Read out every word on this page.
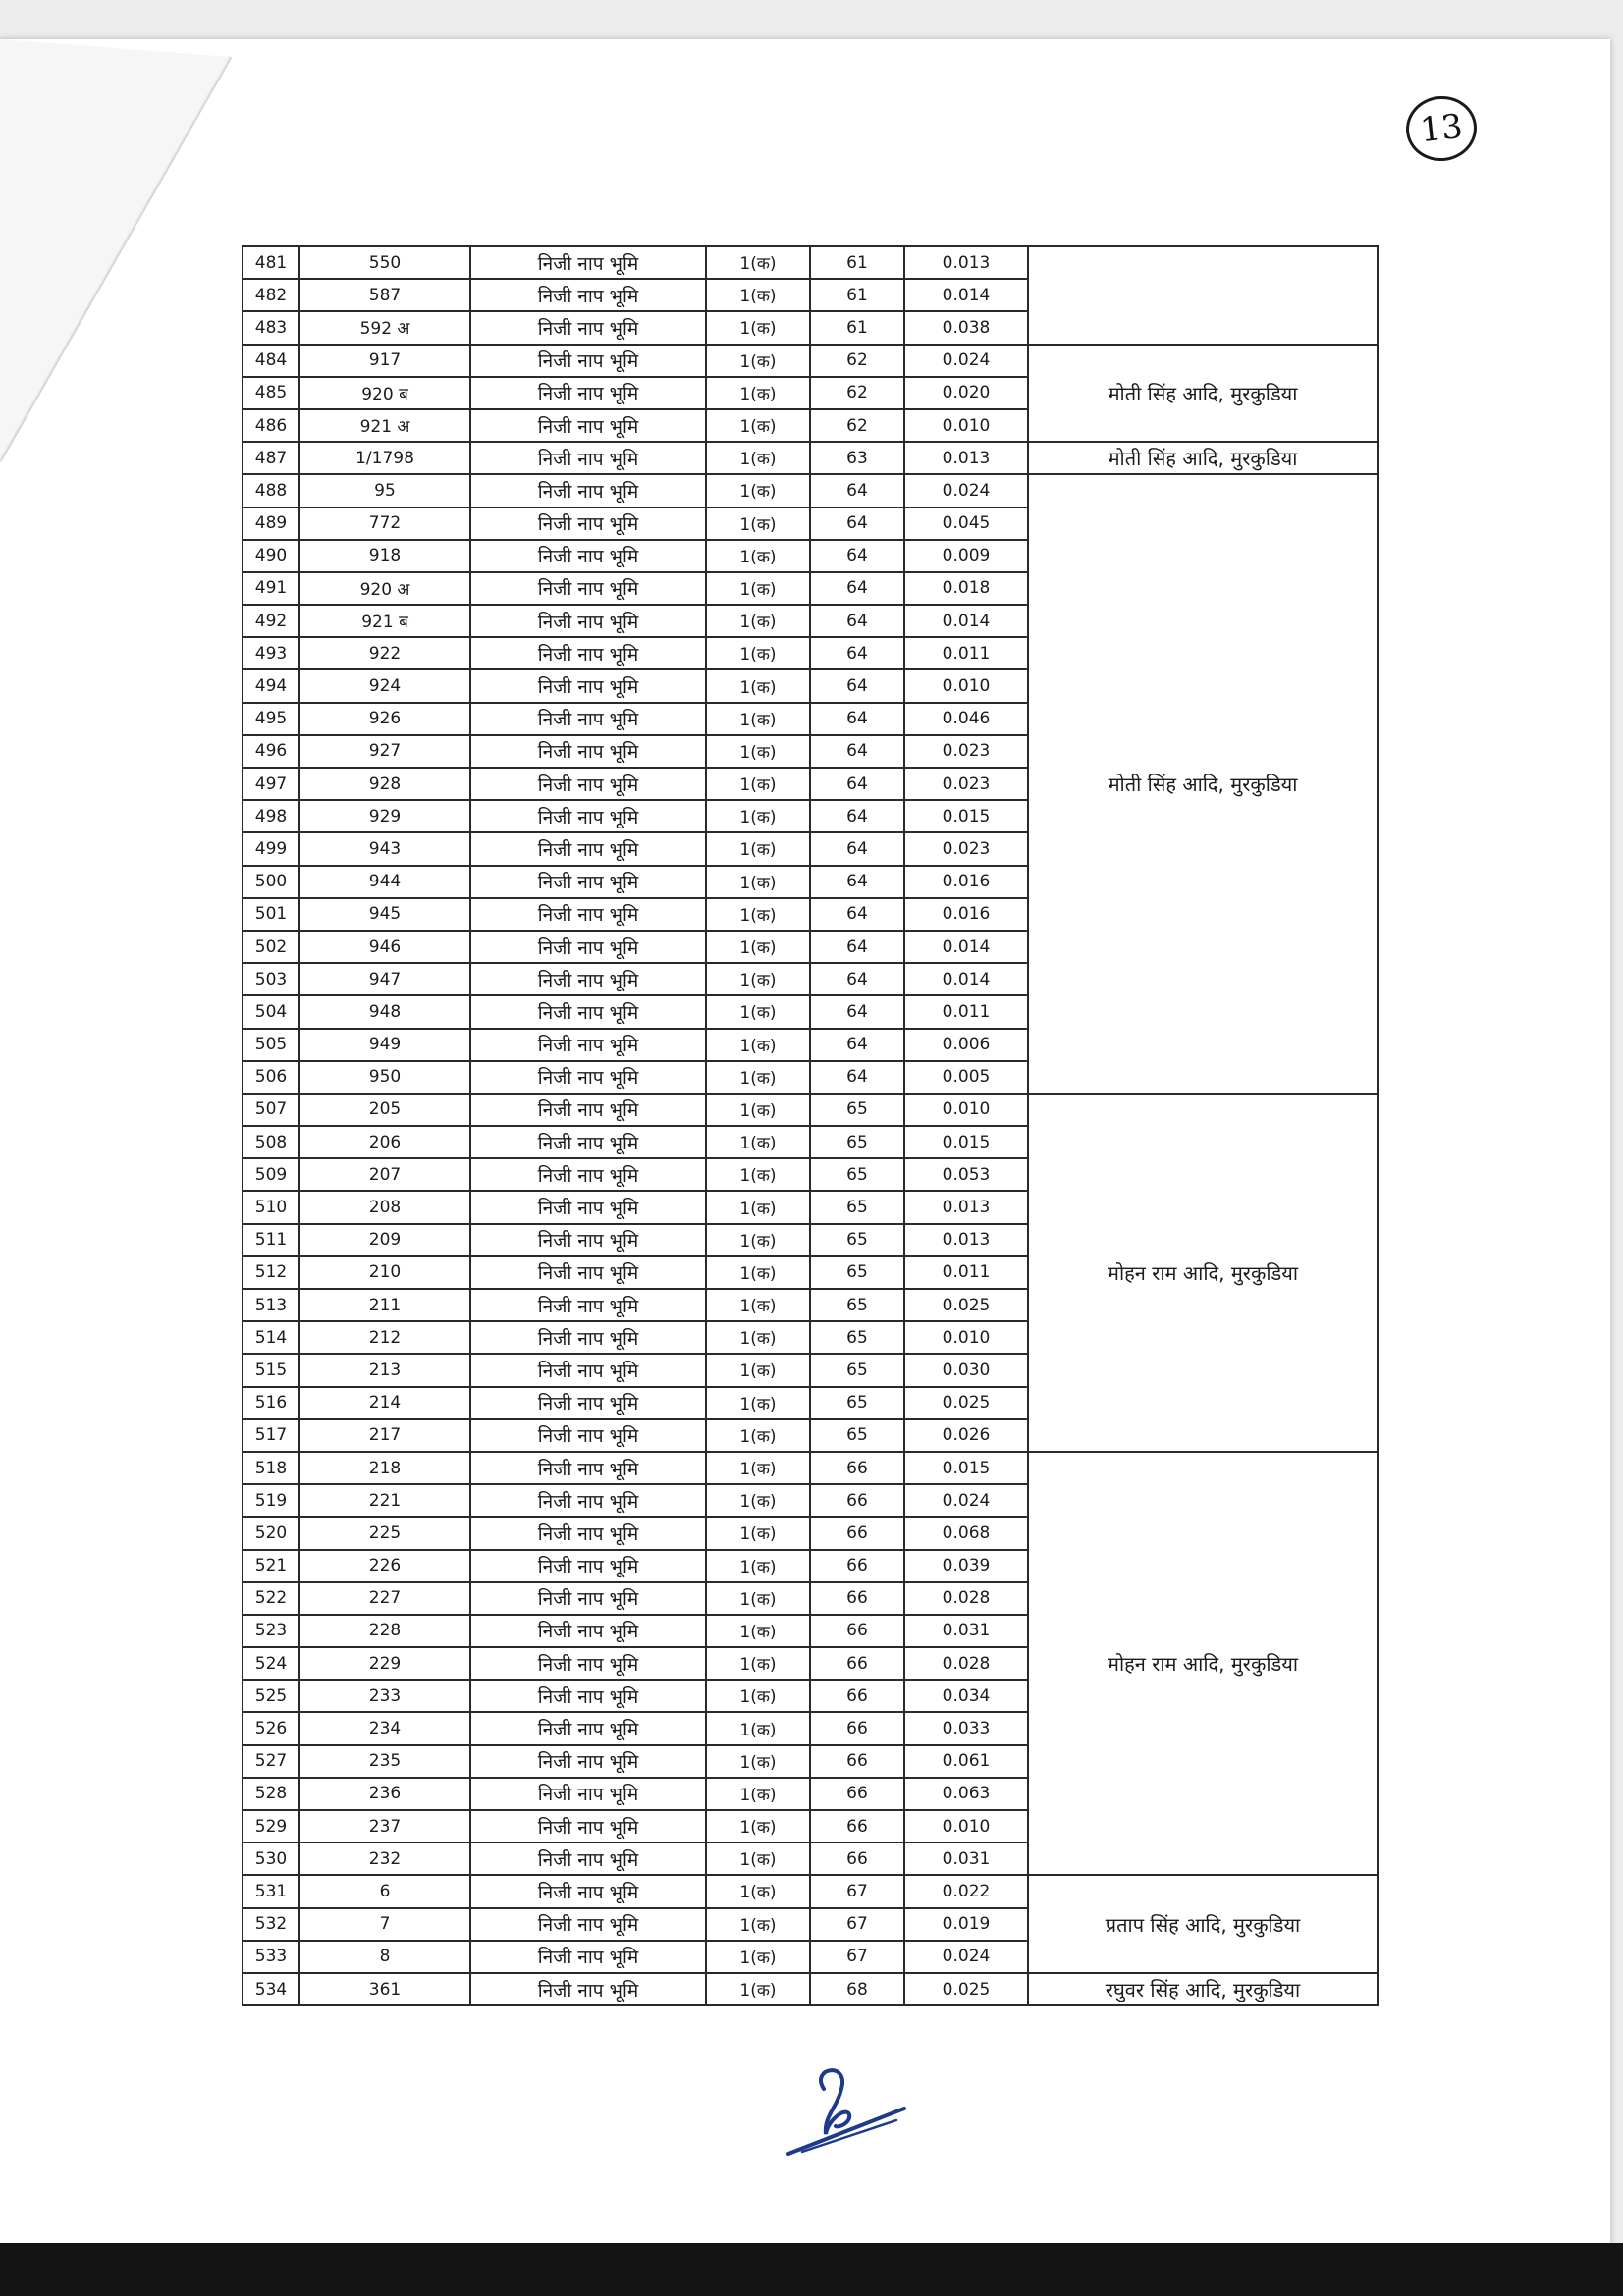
13
481	550	निजी नाप भूमि	1(क)	61	0.013	
482	587	निजी नाप भूमि	1(क)	61	0.014	
483	592 अ	निजी नाप भूमि	1(क)	61	0.038	
484	917	निजी नाप भूमि	1(क)	62	0.024	मोती सिंह आदि, मुरकुडिया
485	920 ब	निजी नाप भूमि	1(क)	62	0.020	
486	921 अ	निजी नाप भूमि	1(क)	62	0.010	
487	1/1798	निजी नाप भूमि	1(क)	63	0.013	मोती सिंह आदि, मुरकुडिया
488	95	निजी नाप भूमि	1(क)	64	0.024	मोती सिंह आदि, मुरकुडिया
489	772	निजी नाप भूमि	1(क)	64	0.045	
490	918	निजी नाप भूमि	1(क)	64	0.009	
491	920 अ	निजी नाप भूमि	1(क)	64	0.018	
492	921 ब	निजी नाप भूमि	1(क)	64	0.014	
493	922	निजी नाप भूमि	1(क)	64	0.011	
494	924	निजी नाप भूमि	1(क)	64	0.010	
495	926	निजी नाप भूमि	1(क)	64	0.046	
496	927	निजी नाप भूमि	1(क)	64	0.023	
497	928	निजी नाप भूमि	1(क)	64	0.023	
498	929	निजी नाप भूमि	1(क)	64	0.015	
499	943	निजी नाप भूमि	1(क)	64	0.023	
500	944	निजी नाप भूमि	1(क)	64	0.016	
501	945	निजी नाप भूमि	1(क)	64	0.016	
502	946	निजी नाप भूमि	1(क)	64	0.014	
503	947	निजी नाप भूमि	1(क)	64	0.014	
504	948	निजी नाप भूमि	1(क)	64	0.011	
505	949	निजी नाप भूमि	1(क)	64	0.006	
506	950	निजी नाप भूमि	1(क)	64	0.005	
507	205	निजी नाप भूमि	1(क)	65	0.010	मोहन राम आदि, मुरकुडिया
508	206	निजी नाप भूमि	1(क)	65	0.015	
509	207	निजी नाप भूमि	1(क)	65	0.053	
510	208	निजी नाप भूमि	1(क)	65	0.013	
511	209	निजी नाप भूमि	1(क)	65	0.013	
512	210	निजी नाप भूमि	1(क)	65	0.011	
513	211	निजी नाप भूमि	1(क)	65	0.025	
514	212	निजी नाप भूमि	1(क)	65	0.010	
515	213	निजी नाप भूमि	1(क)	65	0.030	
516	214	निजी नाप भूमि	1(क)	65	0.025	
517	217	निजी नाप भूमि	1(क)	65	0.026	
518	218	निजी नाप भूमि	1(क)	66	0.015	मोहन राम आदि, मुरकुडिया
519	221	निजी नाप भूमि	1(क)	66	0.024	
520	225	निजी नाप भूमि	1(क)	66	0.068	
521	226	निजी नाप भूमि	1(क)	66	0.039	
522	227	निजी नाप भूमि	1(क)	66	0.028	
523	228	निजी नाप भूमि	1(क)	66	0.031	
524	229	निजी नाप भूमि	1(क)	66	0.028	
525	233	निजी नाप भूमि	1(क)	66	0.034	
526	234	निजी नाप भूमि	1(क)	66	0.033	
527	235	निजी नाप भूमि	1(क)	66	0.061	
528	236	निजी नाप भूमि	1(क)	66	0.063	
529	237	निजी नाप भूमि	1(क)	66	0.010	
530	232	निजी नाप भूमि	1(क)	66	0.031	
531	6	निजी नाप भूमि	1(क)	67	0.022	प्रताप सिंह आदि, मुरकुडिया
532	7	निजी नाप भूमि	1(क)	67	0.019	
533	8	निजी नाप भूमि	1(क)	67	0.024	
534	361	निजी नाप भूमि	1(क)	68	0.025	रघुवर सिंह आदि, मुरकुडिया
